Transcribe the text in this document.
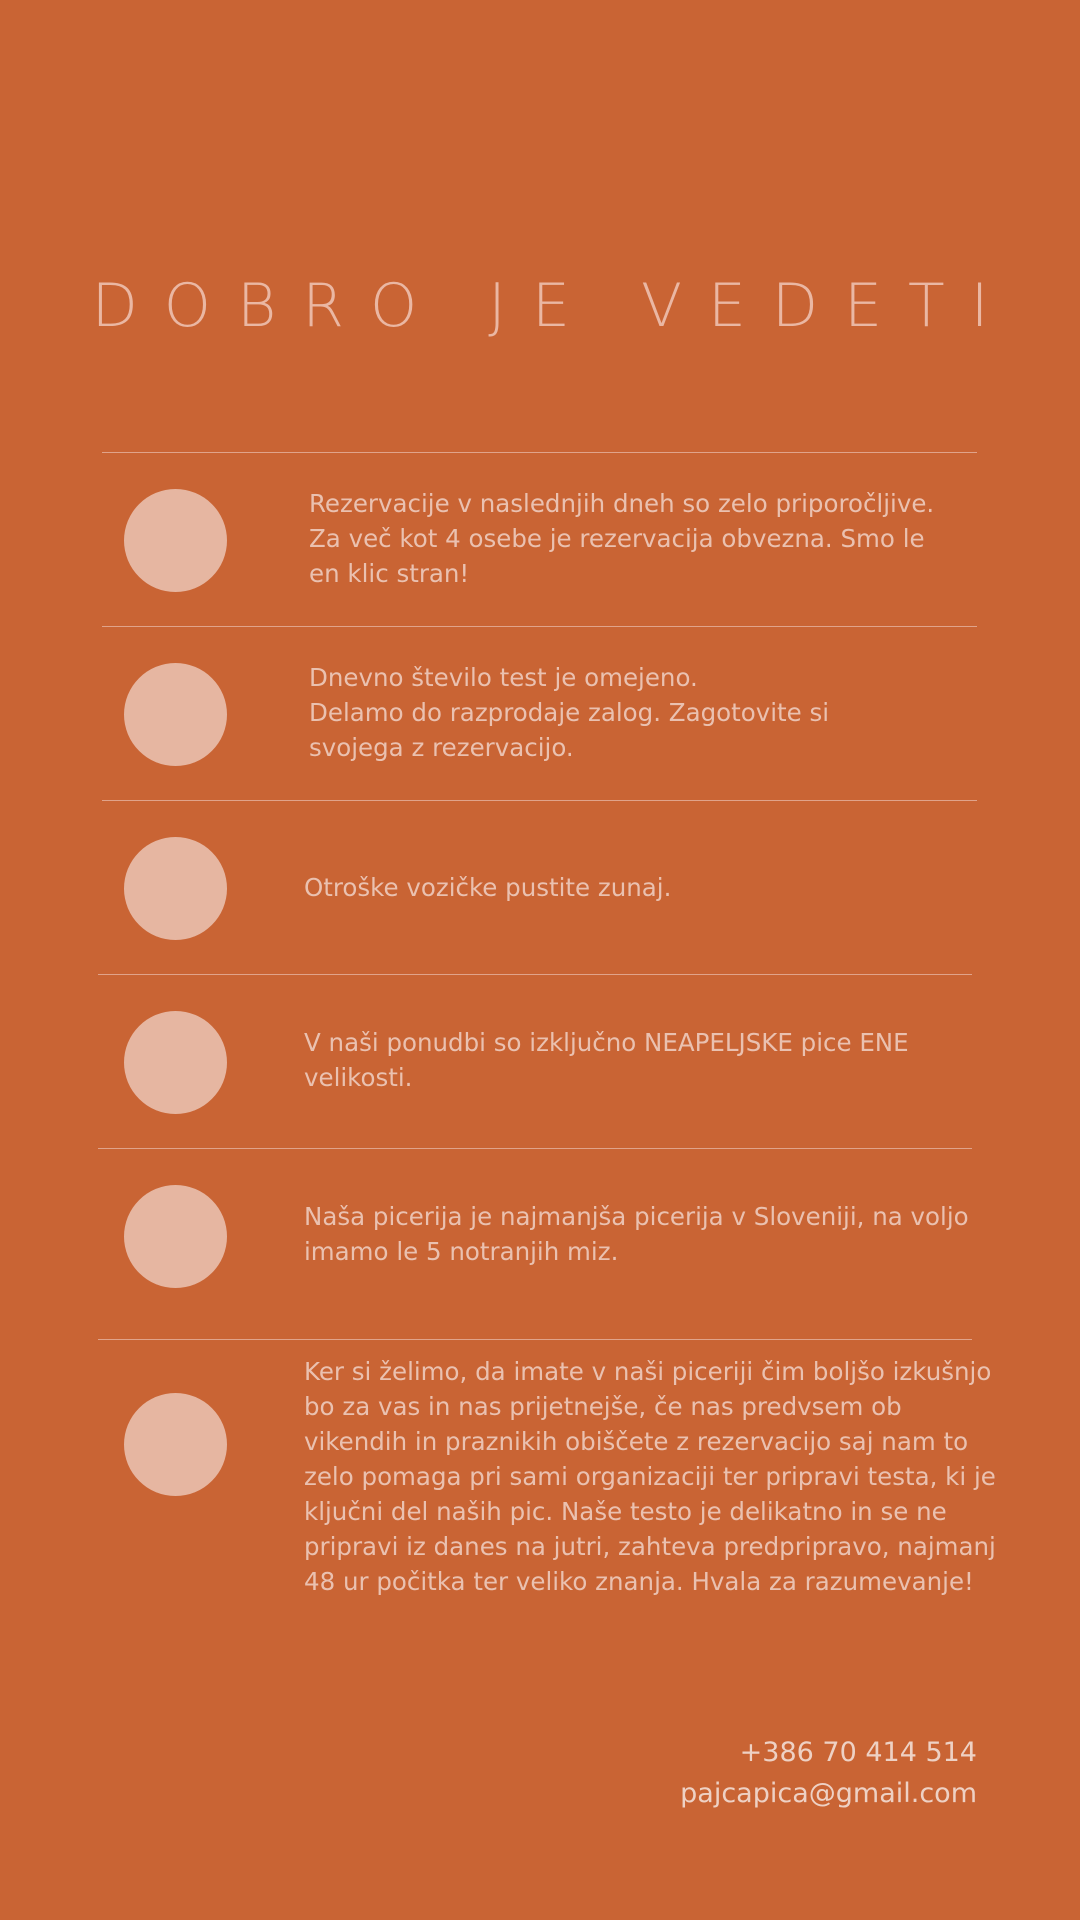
DOBRO JE VEDETI

Rezervacije v naslednjih dneh so zelo priporočljive.
Za več kot 4 osebe je rezervacija obvezna. Smo le
en klic stran!

Dnevno število test je omejeno.
Delamo do razprodaje zalog. Zagotovite si
svojega z rezervacijo.

Otroške vozičke pustite zunaj.

V naši ponudbi so izključno NEAPELJSKE pice ENE
velikosti.

Naša picerija je najmanjša picerija v Sloveniji, na voljo
imamo le 5 notranjih miz.

Ker si želimo, da imate v naši piceriji čim boljšo izkušnjo
bo za vas in nas prijetnejše, če nas predvsem ob
vikendih in praznikih obiščete z rezervacijo saj nam to
zelo pomaga pri sami organizaciji ter pripravi testa, ki je
ključni del naših pic. Naše testo je delikatno in se ne
pripravi iz danes na jutri, zahteva predpripravo, najmanj
48 ur počitka ter veliko znanja. Hvala za razumevanje!

+386 70 414 514
pajcapica@gmail.com
